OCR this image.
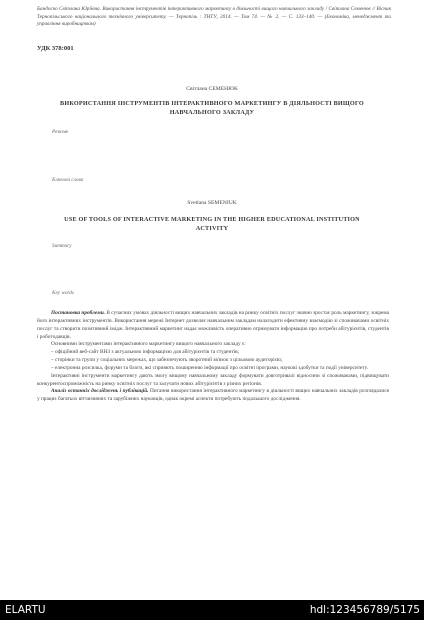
Бандоско Світлана Юріївна. Використання інструментів інтерактивного маркетингу в діяльності вищого навчального закладу / Світлана Семенюк // Вісник Тернопільського національного технічного університету. — Тернопіль : ТНТУ, 2014. — Том 74. — № 2. — С. 133–140. — (Економіка, менеджмент та управління виробництвом)
УДК 378:001
Світлана СЕМЕНЮК
ВИКОРИСТАННЯ ІНСТРУМЕНТІВ ІНТЕРАКТИВНОГО МАРКЕТИНГУ В ДІЯЛЬНОСТІ ВИЩОГО НАВЧАЛЬНОГО ЗАКЛАДУ
Резюме
Ключові слова
Svetlana SEMENIUK
USE OF TOOLS OF INTERACTIVE MARKETING IN THE HIGHER EDUCATIONAL INSTITUTION ACTIVITY
Summary
Key words

Постановка проблеми. В сучасних умовах діяльності вищих навчальних закладів на ринку освітніх послуг значно зростає роль маркетингу, зокрема його інтерактивних інструментів. Використання мережі Інтернет дозволяє навчальним закладам налагодити ефективну взаємодію зі споживачами освітніх послуг та створити позитивний імідж. Інтерактивний маркетинг надає можливість оперативно отримувати інформацію про потреби абітурієнтів, студентів і роботодавців.

Основними інструментами інтерактивного маркетингу вищого навчального закладу є:

– офіційний веб-сайт ВНЗ з актуальною інформацією для абітурієнтів та студентів;

– сторінки та групи у соціальних мережах, що забезпечують зворотний зв'язок з цільовою аудиторією;

– електронна розсилка, форуми та блоги, які сприяють поширенню інформації про освітні програми, наукові здобутки та події університету.

Інтерактивні інструменти маркетингу дають змогу вищому навчальному закладу формувати довготривалі відносини зі споживачами, підвищувати конкурентоспроможність на ринку освітніх послуг та залучати нових абітурієнтів з різних регіонів.

Аналіз останніх досліджень і публікацій. Питання використання інтерактивного маркетингу в діяльності вищих навчальних закладів розглядалися у працях багатьох вітчизняних та зарубіжних науковців, однак окремі аспекти потребують подальшого дослідження.

ELARTU	hdl:123456789/5175
